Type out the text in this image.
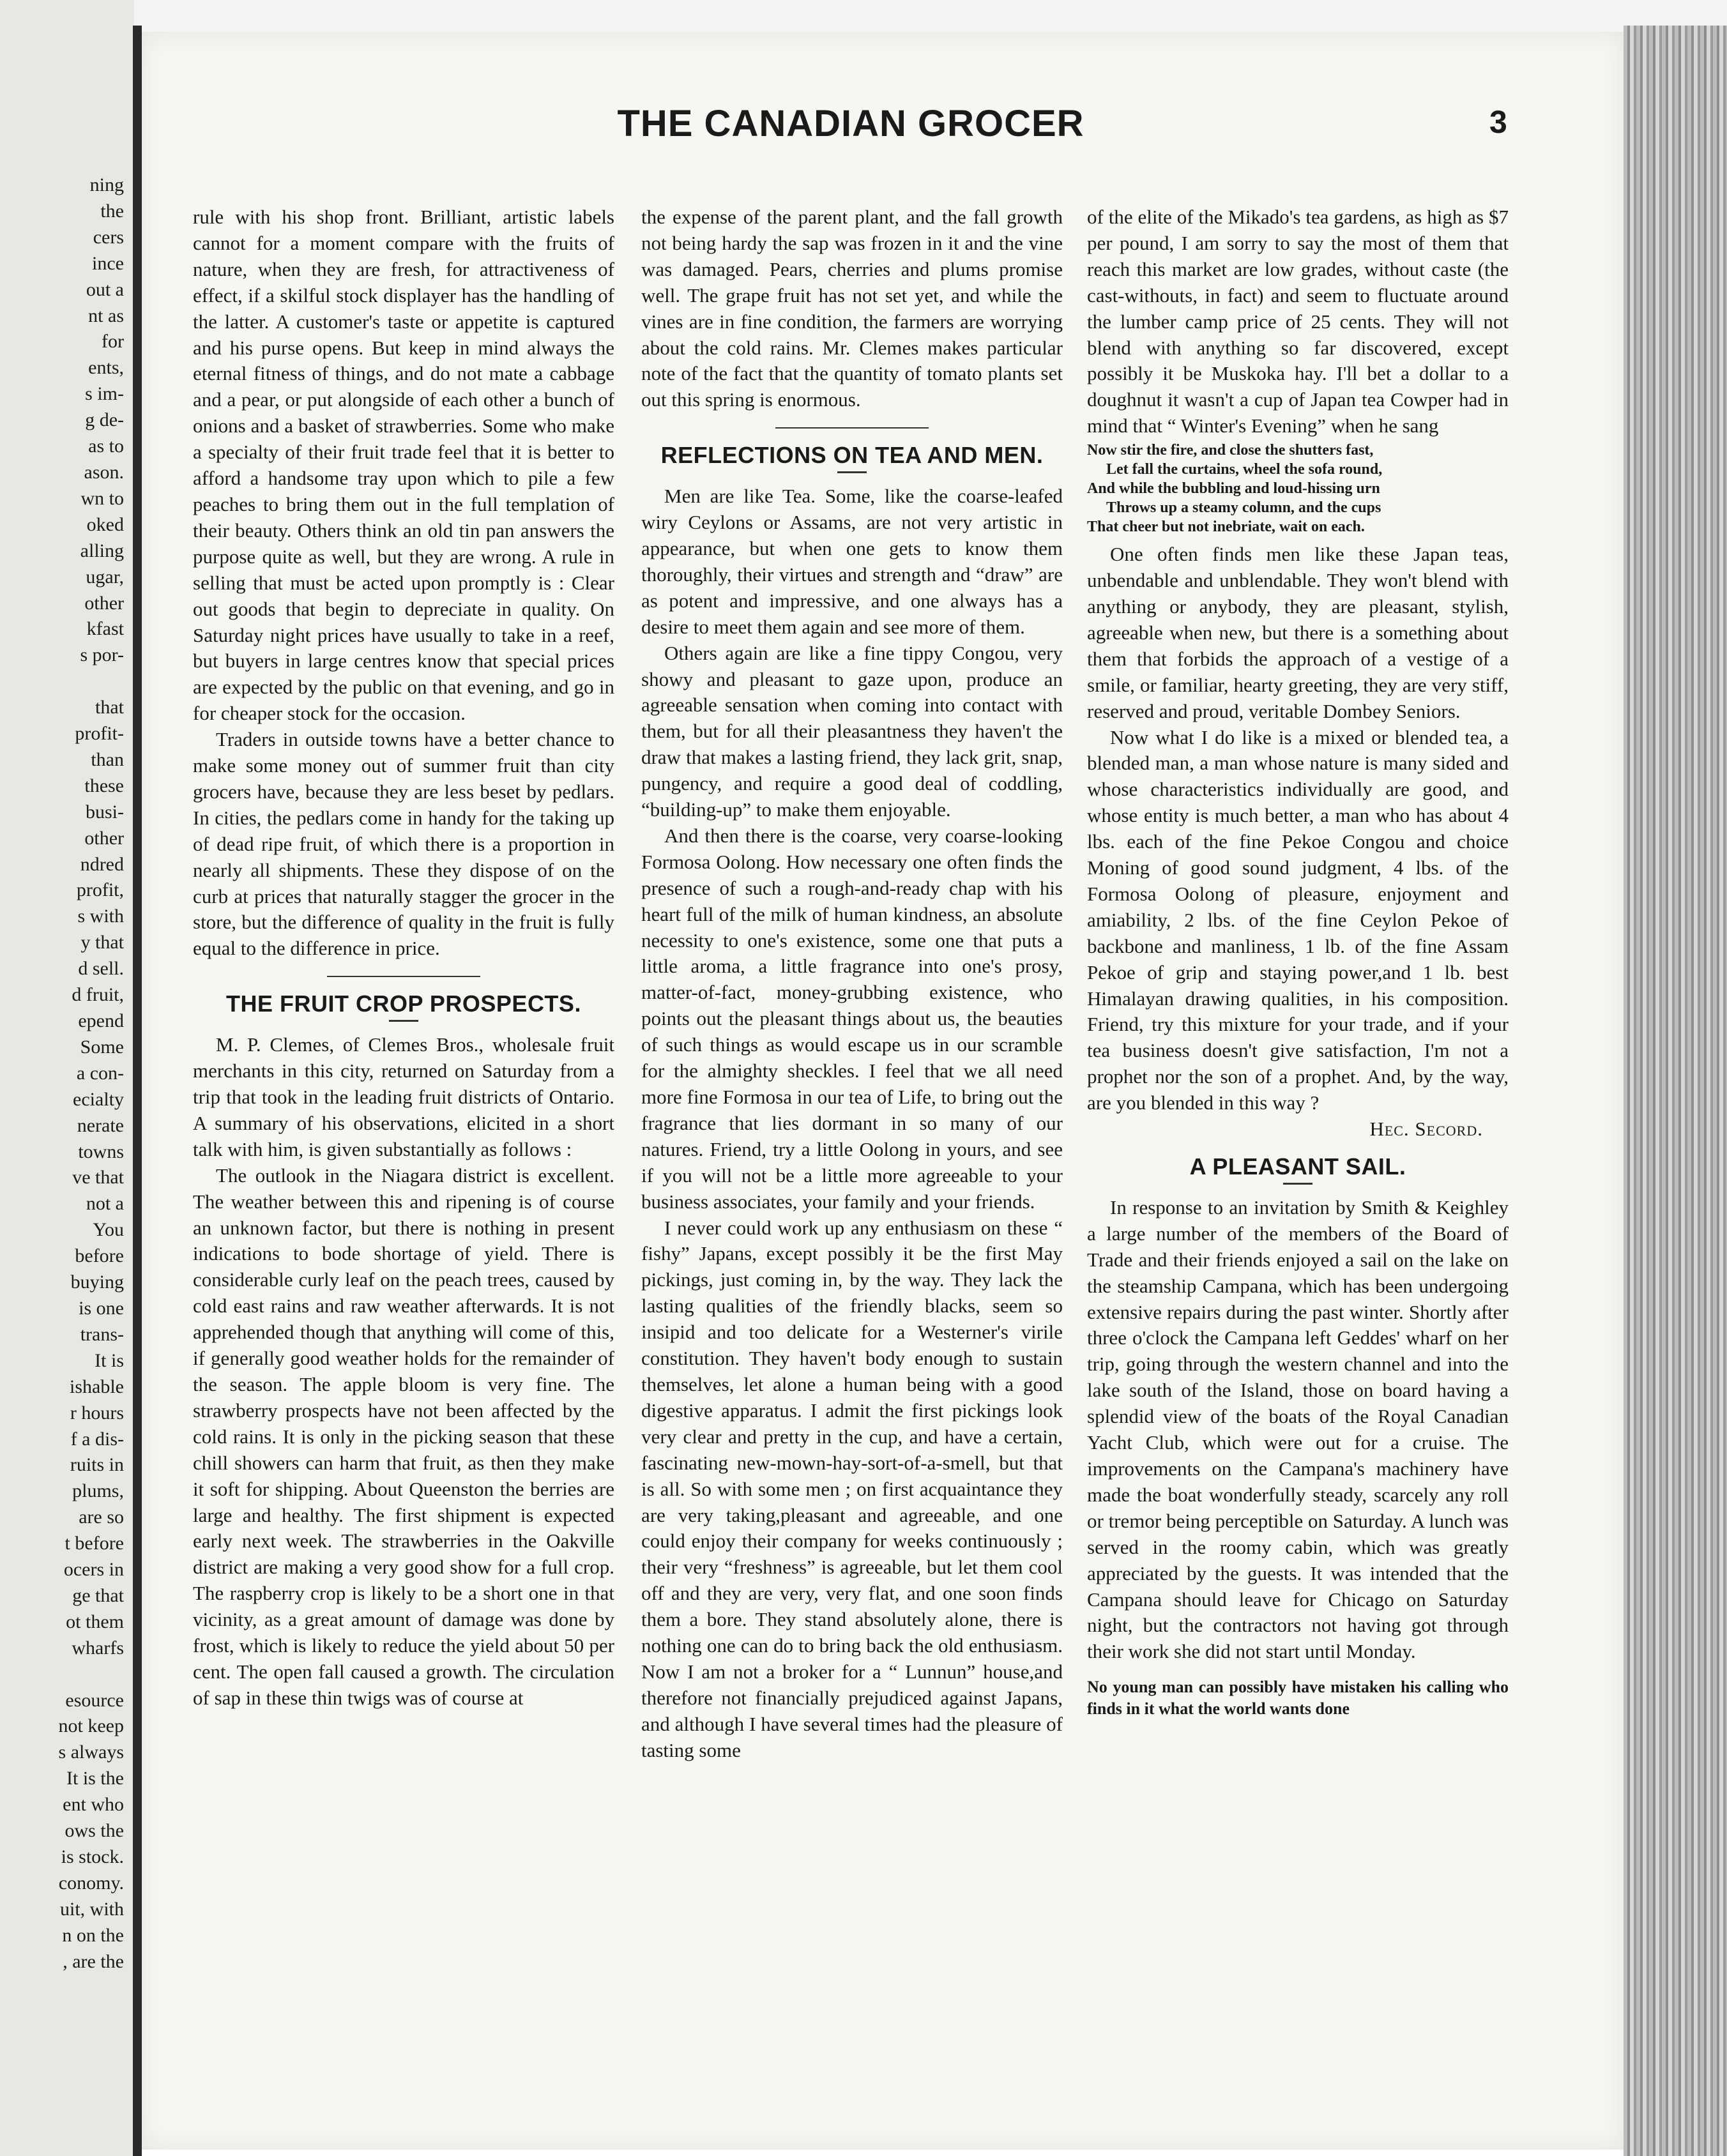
ning
the
cers
ince
out a
nt as
for
ents,
s im-
g de-
as to
ason.
wn to
oked
alling
ugar,
other
kfast
s por-

that
profit-
than
these
busi-
other
ndred
profit,
s with
y that
d sell.
d fruit,
epend
Some
a con-
ecialty
nerate
towns
ve that
not a
You
before
buying
is one
trans-
It is
ishable
r hours
f a dis-
ruits in
plums,
are so
t before
ocers in
ge that
ot them
wharfs

esource
not keep
s always
It is the
ent who
ows the
is stock.
conomy.
uit, with
n on the
, are the
THE CANADIAN GROCER	3

rule with his shop front. Brilliant, artistic labels cannot for a moment compare with the fruits of nature, when they are fresh, for attractiveness of effect, if a skilful stock displayer has the handling of the latter. A customer's taste or appetite is captured and his purse opens. But keep in mind always the eternal fitness of things, and do not mate a cabbage and a pear, or put alongside of each other a bunch of onions and a basket of strawberries. Some who make a specialty of their fruit trade feel that it is better to afford a handsome tray upon which to pile a few peaches to bring them out in the full templation of their beauty. Others think an old tin pan answers the purpose quite as well, but they are wrong. A rule in selling that must be acted upon promptly is : Clear out goods that begin to depreciate in quality. On Saturday night prices have usually to take in a reef, but buyers in large centres know that special prices are expected by the public on that evening, and go in for cheaper stock for the occasion.

Traders in outside towns have a better chance to make some money out of summer fruit than city grocers have, because they are less beset by pedlars. In cities, the pedlars come in handy for the taking up of dead ripe fruit, of which there is a proportion in nearly all shipments. These they dispose of on the curb at prices that naturally stagger the grocer in the store, but the difference of quality in the fruit is fully equal to the difference in price.

THE FRUIT CROP PROSPECTS.

M. P. Clemes, of Clemes Bros., wholesale fruit merchants in this city, returned on Saturday from a trip that took in the leading fruit districts of Ontario. A summary of his observations, elicited in a short talk with him, is given substantially as follows :

The outlook in the Niagara district is excellent. The weather between this and ripening is of course an unknown factor, but there is nothing in present indications to bode shortage of yield. There is considerable curly leaf on the peach trees, caused by cold east rains and raw weather afterwards. It is not apprehended though that anything will come of this, if generally good weather holds for the remainder of the season. The apple bloom is very fine. The strawberry prospects have not been affected by the cold rains. It is only in the picking season that these chill showers can harm that fruit, as then they make it soft for shipping. About Queenston the berries are large and healthy. The first shipment is expected early next week. The strawberries in the Oakville district are making a very good show for a full crop. The raspberry crop is likely to be a short one in that vicinity, as a great amount of damage was done by frost, which is likely to reduce the yield about 50 per cent. The open fall caused a growth. The circulation of sap in these thin twigs was of course at

the expense of the parent plant, and the fall growth not being hardy the sap was frozen in it and the vine was damaged. Pears, cherries and plums promise well. The grape fruit has not set yet, and while the vines are in fine condition, the farmers are worrying about the cold rains. Mr. Clemes makes particular note of the fact that the quantity of tomato plants set out this spring is enormous.

REFLECTIONS ON TEA AND MEN.

Men are like Tea. Some, like the coarse-leafed wiry Ceylons or Assams, are not very artistic in appearance, but when one gets to know them thoroughly, their virtues and strength and “draw” are as potent and impressive, and one always has a desire to meet them again and see more of them.

Others again are like a fine tippy Congou, very showy and pleasant to gaze upon, produce an agreeable sensation when coming into contact with them, but for all their pleasantness they haven't the draw that makes a lasting friend, they lack grit, snap, pungency, and require a good deal of coddling, “building-up” to make them enjoyable.

And then there is the coarse, very coarse-looking Formosa Oolong. How necessary one often finds the presence of such a rough-and-ready chap with his heart full of the milk of human kindness, an absolute necessity to one's existence, some one that puts a little aroma, a little fragrance into one's prosy, matter-of-fact, money-grubbing existence, who points out the pleasant things about us, the beauties of such things as would escape us in our scramble for the almighty sheckles. I feel that we all need more fine Formosa in our tea of Life, to bring out the fragrance that lies dormant in so many of our natures. Friend, try a little Oolong in yours, and see if you will not be a little more agreeable to your business associates, your family and your friends.

I never could work up any enthusiasm on these “ fishy” Japans, except possibly it be the first May pickings, just coming in, by the way. They lack the lasting qualities of the friendly blacks, seem so insipid and too delicate for a Westerner's virile constitution. They haven't body enough to sustain themselves, let alone a human being with a good digestive apparatus. I admit the first pickings look very clear and pretty in the cup, and have a certain, fascinating new-mown-hay-sort-of-a-smell, but that is all. So with some men ; on first acquaintance they are very taking,pleasant and agreeable, and one could enjoy their company for weeks continuously ; their very “freshness” is agreeable, but let them cool off and they are very, very flat, and one soon finds them a bore. They stand absolutely alone, there is nothing one can do to bring back the old enthusiasm. Now I am not a broker for a “ Lunnun” house,and therefore not financially prejudiced against Japans, and although I have several times had the pleasure of tasting some

of the elite of the Mikado's tea gardens, as high as $7 per pound, I am sorry to say the most of them that reach this market are low grades, without caste (the cast-withouts, in fact) and seem to fluctuate around the lumber camp price of 25 cents. They will not blend with anything so far discovered, except possibly it be Muskoka hay. I'll bet a dollar to a doughnut it wasn't a cup of Japan tea Cowper had in mind that “ Winter's Evening” when he sang

Now stir the fire, and close the shutters fast,
Let fall the curtains, wheel the sofa round,
And while the bubbling and loud-hissing urn
Throws up a steamy column, and the cups
That cheer but not inebriate, wait on each.

One often finds men like these Japan teas, unbendable and unblendable. They won't blend with anything or anybody, they are pleasant, stylish, agreeable when new, but there is a something about them that forbids the approach of a vestige of a smile, or familiar, hearty greeting, they are very stiff, reserved and proud, veritable Dombey Seniors.

Now what I do like is a mixed or blended tea, a blended man, a man whose nature is many sided and whose characteristics individually are good, and whose entity is much better, a man who has about 4 lbs. each of the fine Pekoe Congou and choice Moning of good sound judgment, 4 lbs. of the Formosa Oolong of pleasure, enjoyment and amiability, 2 lbs. of the fine Ceylon Pekoe of backbone and manliness, 1 lb. of the fine Assam Pekoe of grip and staying power,and 1 lb. best Himalayan drawing qualities, in his composition. Friend, try this mixture for your trade, and if your tea business doesn't give satisfaction, I'm not a prophet nor the son of a prophet. And, by the way, are you blended in this way ?

Hec. Secord.
A PLEASANT SAIL.

In response to an invitation by Smith & Keighley a large number of the members of the Board of Trade and their friends enjoyed a sail on the lake on the steamship Campana, which has been undergoing extensive repairs during the past winter. Shortly after three o'clock the Campana left Geddes' wharf on her trip, going through the western channel and into the lake south of the Island, those on board having a splendid view of the boats of the Royal Canadian Yacht Club, which were out for a cruise. The improvements on the Campana's machinery have made the boat wonderfully steady, scarcely any roll or tremor being perceptible on Saturday. A lunch was served in the roomy cabin, which was greatly appreciated by the guests. It was intended that the Campana should leave for Chicago on Saturday night, but the contractors not having got through their work she did not start until Monday.

No young man can possibly have mistaken his calling who finds in it what the world wants done
